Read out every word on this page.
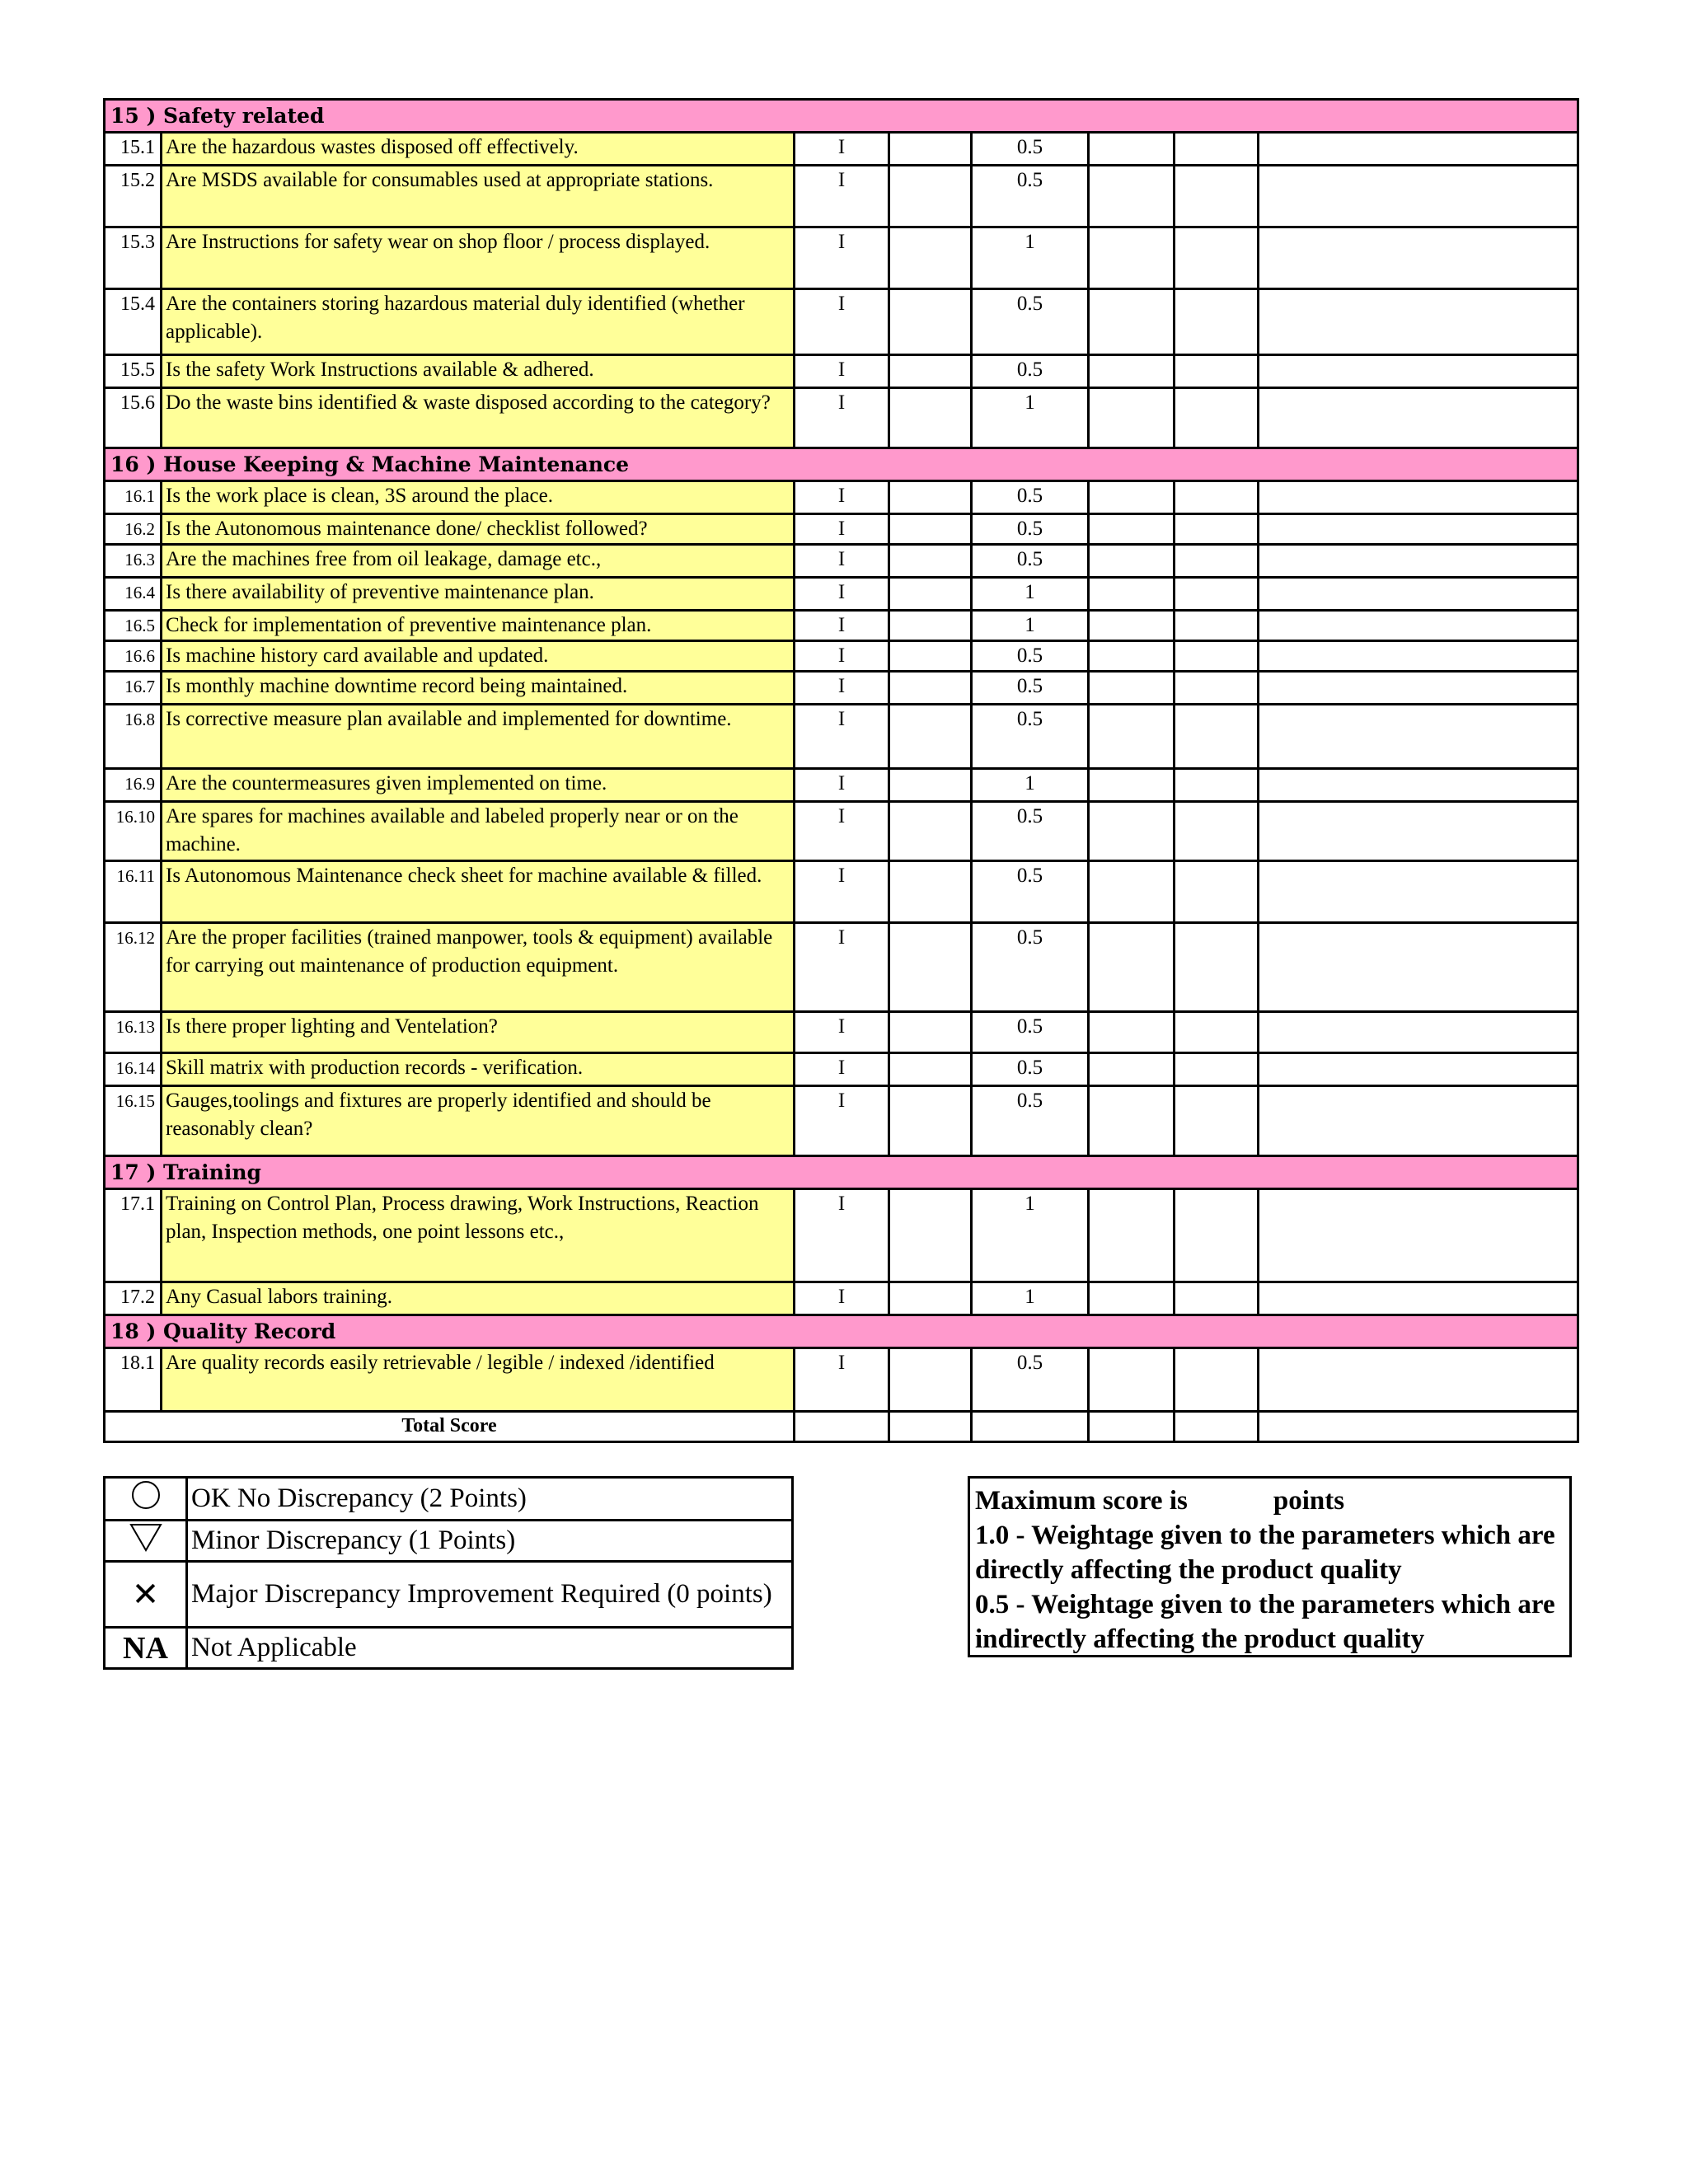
15 ) Safety related							
15.1	Are the hazardous wastes disposed off effectively.	I		0.5			
15.2	Are MSDS available for consumables used at appropriate stations.	I		0.5			
15.3	Are Instructions for safety wear on shop floor / process displayed.	I		1			
15.4	Are the containers storing hazardous material duly identified (whether applicable).	I		0.5			
15.5	Is the safety Work Instructions available & adhered.	I		0.5			
15.6	Do the waste bins identified & waste disposed according to the category?	I		1			
16 ) House Keeping & Machine Maintenance							
16.1	Is the work place is clean, 3S around the place.	I		0.5			
16.2	Is the Autonomous maintenance done/ checklist followed?	I		0.5			
16.3	Are the machines free from oil leakage, damage etc.,	I		0.5			
16.4	Is there availability of preventive maintenance plan.	I		1			
16.5	Check for implementation of preventive maintenance plan.	I		1			
16.6	Is machine history card available and updated.	I		0.5			
16.7	Is monthly machine downtime record being maintained.	I		0.5			
16.8	Is corrective measure plan available and implemented for downtime.	I		0.5			
16.9	Are the countermeasures given implemented on time.	I		1			
16.10	Are spares for machines available and labeled properly near or on the machine.	I		0.5			
16.11	Is Autonomous Maintenance check sheet for machine available & filled.	I		0.5			
16.12	Are the proper facilities (trained manpower, tools & equipment) available for carrying out maintenance of production equipment.	I		0.5			
16.13	Is there proper lighting and Ventelation?	I		0.5			
16.14	Skill matrix with production records - verification.	I		0.5			
16.15	Gauges,toolings and fixtures are properly identified and should be reasonably clean?	I		0.5			
17 ) Training							
17.1	Training on Control Plan, Process drawing, Work Instructions, Reaction plan, Inspection methods, one point lessons etc.,	I		1			
17.2	Any Casual labors training.	I		1			
18 ) Quality Record							
18.1	Are quality records easily retrievable / legible / indexed /identified	I		0.5			
Total Score							
	OK No Discrepancy (2 Points)
	Minor Discrepancy (1 Points)
✕	Major Discrepancy Improvement Required (0 points)
NA	Not Applicable

Maximum score is	points

1.0 - Weightage given to the parameters which are directly affecting the product quality

0.5 - Weightage given to the parameters which are indirectly affecting the product quality
